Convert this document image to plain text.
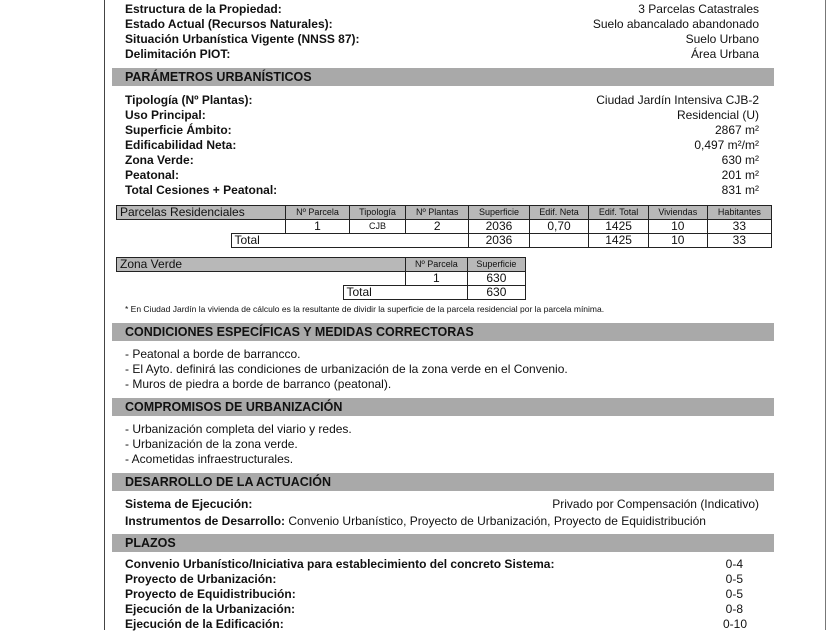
Estructura de la Propiedad:	3 Parcelas Catastrales
Estado Actual (Recursos Naturales):	Suelo abancalado abandonado
Situación Urbanística Vigente (NNSS 87):	Suelo Urbano
Delimitación PIOT:	Área Urbana
PARÁMETROS URBANÍSTICOS
Tipología (Nº Plantas):	Ciudad Jardín Intensiva CJB-2
Uso Principal:	Residencial (U)
Superficie Ámbito:	2867 m²
Edificabilidad Neta:	0,497 m²/m²
Zona Verde:	630 m²
Peatonal:	201 m²
Total Cesiones + Peatonal:	831 m²
Parcelas Residenciales		Nº Parcela	Tipología	Nº Plantas	Superficie	Edif. Neta	Edif. Total	Viviendas	Habitantes
		1	CJB	2	2036	0,70	1425	10	33
	Total				2036		1425	10	33
Zona Verde		Nº Parcela	Superficie
		1	630
	Total		630
* En Ciudad Jardín la vivienda de cálculo es la resultante de dividir la superficie de la parcela residencial por la parcela mínima.
CONDICIONES ESPECÍFICAS Y MEDIDAS CORRECTORAS
- Peatonal a borde de barrancco.
- El Ayto. definirá las condiciones de urbanización de la zona verde en el Convenio.
- Muros de piedra a borde de barranco (peatonal).
COMPROMISOS DE URBANIZACIÓN
- Urbanización completa del viario y redes.
- Urbanización de la zona verde.
- Acometidas infraestructurales.
DESARROLLO DE LA ACTUACIÓN
Sistema de Ejecución:	Privado por Compensación (Indicativo)
Instrumentos de Desarrollo: Convenio Urbanístico, Proyecto de Urbanización, Proyecto de Equidistribución
PLAZOS
Convenio Urbanístico/Iniciativa para establecimiento del concreto Sistema:	0-4
Proyecto de Urbanización:	0-5
Proyecto de Equidistribución:	0-5
Ejecución de la Urbanización:	0-8
Ejecución de la Edificación:	0-10
